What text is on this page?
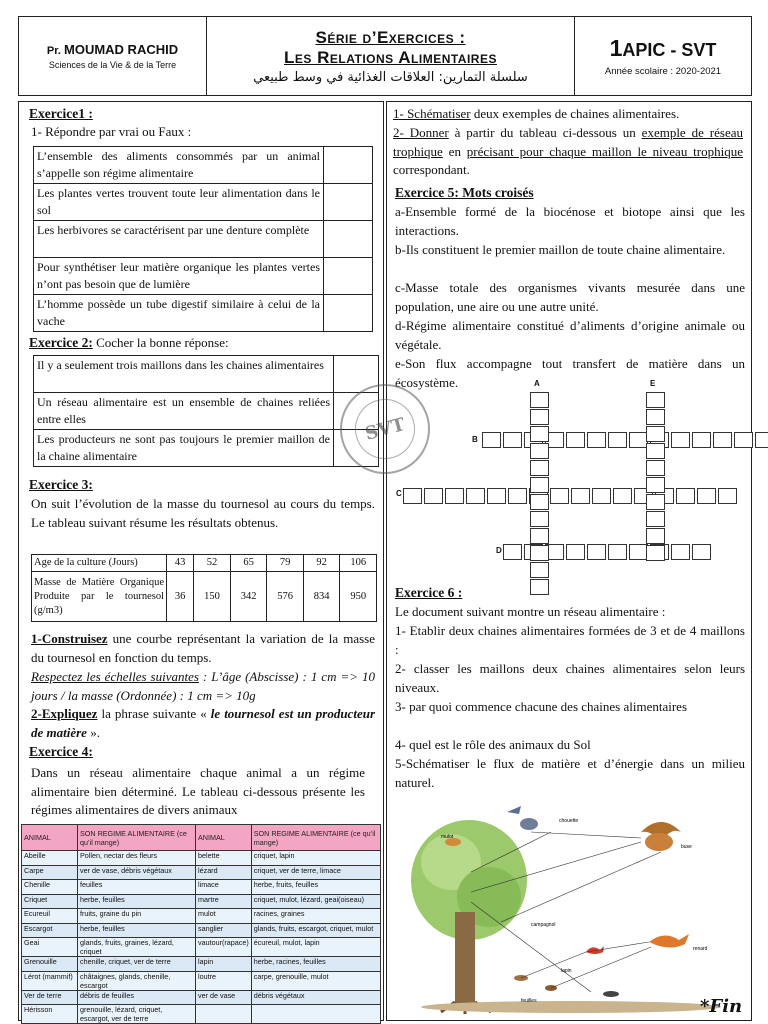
Pr. MOUMAD RACHID
Sciences de la Vie & de la Terre
Série d’Exercices :
Les Relations Alimentaires
سلسلة التمارين: العلاقات الغذائية في وسط طبيعي
1APIC - SVT
Année scolaire : 2020-2021
Exercice1 :
1- Répondre par vrai ou Faux :
L’ensemble des aliments consommés par un animal s’appelle son régime alimentaire	
Les plantes vertes trouvent toute leur alimentation dans le sol	
Les herbivores se caractérisent par une denture complète	
Pour synthétiser leur matière organique les plantes vertes n’ont pas besoin que de lumière	
L’homme possède un tube digestif similaire à celui de la vache	
Exercice 2: Cocher la bonne réponse:
Il y a seulement trois maillons dans les chaines alimentaires	
Un réseau alimentaire est un ensemble de chaines reliées entre elles	
Les producteurs ne sont pas toujours le premier maillon de la chaine alimentaire	
Exercice 3:
On suit l’évolution de la masse du tournesol au cours du temps. Le tableau suivant résume les résultats obtenus.
Age de la culture (Jours)	43	52	65	79	92	106
Masse de Matière Organique Produite par le tournesol (g/m3)	36	150	342	576	834	950
1-Construisez une courbe représentant la variation de la masse du tournesol en fonction du temps.
Respectez les échelles suivantes : L’âge (Abscisse) : 1 cm => 10 jours / la masse (Ordonnée) : 1 cm => 10g
2-Expliquez la phrase suivante « le tournesol est un producteur de matière ».
Exercice 4:
Dans un réseau alimentaire chaque animal a un régime alimentaire bien déterminé. Le tableau ci-dessous présente les régimes alimentaires de divers animaux
ANIMAL	SON REGIME ALIMENTAIRE (ce qu’il mange)	ANIMAL	SON REGIME ALIMENTAIRE (ce qu’il mange)
Abeille	Pollen, nectar des fleurs	belette	criquet, lapin
Carpe	ver de vase, débris végétaux	lézard	criquet, ver de terre, limace
Chenille	feuilles	limace	herbe, fruits, feuilles
Criquet	herbe, feuilles	martre	criquet, mulot, lézard, geai(oiseau)
Ecureuil	fruits, graine du pin	mulot	racines, graines
Escargot	herbe, feuilles	sanglier	glands, fruits, escargot, criquet, mulot
Geai	glands, fruits, graines, lézard, criquet	vautour(rapace)	écureuil, mulot, lapin
Grenouille	chenille, criquet, ver de terre	lapin	herbe, racines, feuilles
Lérot (mammif)	châtaignes, glands, chenille, escargot	loutre	carpe, grenouille, mulot
Ver de terre	débris de feuilles	ver de vase	débris végétaux
Hérisson	grenouille, lézard, criquet, escargot, ver de terre		
1- Schématiser deux exemples de chaines alimentaires.
2- Donner à partir du tableau ci-dessous un exemple de réseau trophique en précisant pour chaque maillon le niveau trophique correspondant.
Exercice 5: Mots croisés
a-Ensemble formé de la biocénose et biotope ainsi que les interactions.
b-Ils constituent le premier maillon de toute chaine alimentaire.
c-Masse totale des organismes vivants mesurée dans une population, une aire ou une autre unité.
d-Régime alimentaire constitué d’aliments d’origine animale ou végétale.
e-Son flux accompagne tout transfert de matière dans un écosystème.	A	E
B
C
D
Exercice 6 :
Le document suivant montre un réseau alimentaire :
1- Etablir deux chaines alimentaires formées de 3 et de 4 maillons :
2- classer les maillons deux chaines alimentaires selon leurs niveaux.
3- par quoi commence chacune des chaines alimentaires
4- quel est le rôle des animaux du Sol
5-Schématiser le flux de matière et d’énergie dans un milieu naturel.
chouette
buse
mulot
renard
campagnol
lapin
feuilles
SVT
*Fin
